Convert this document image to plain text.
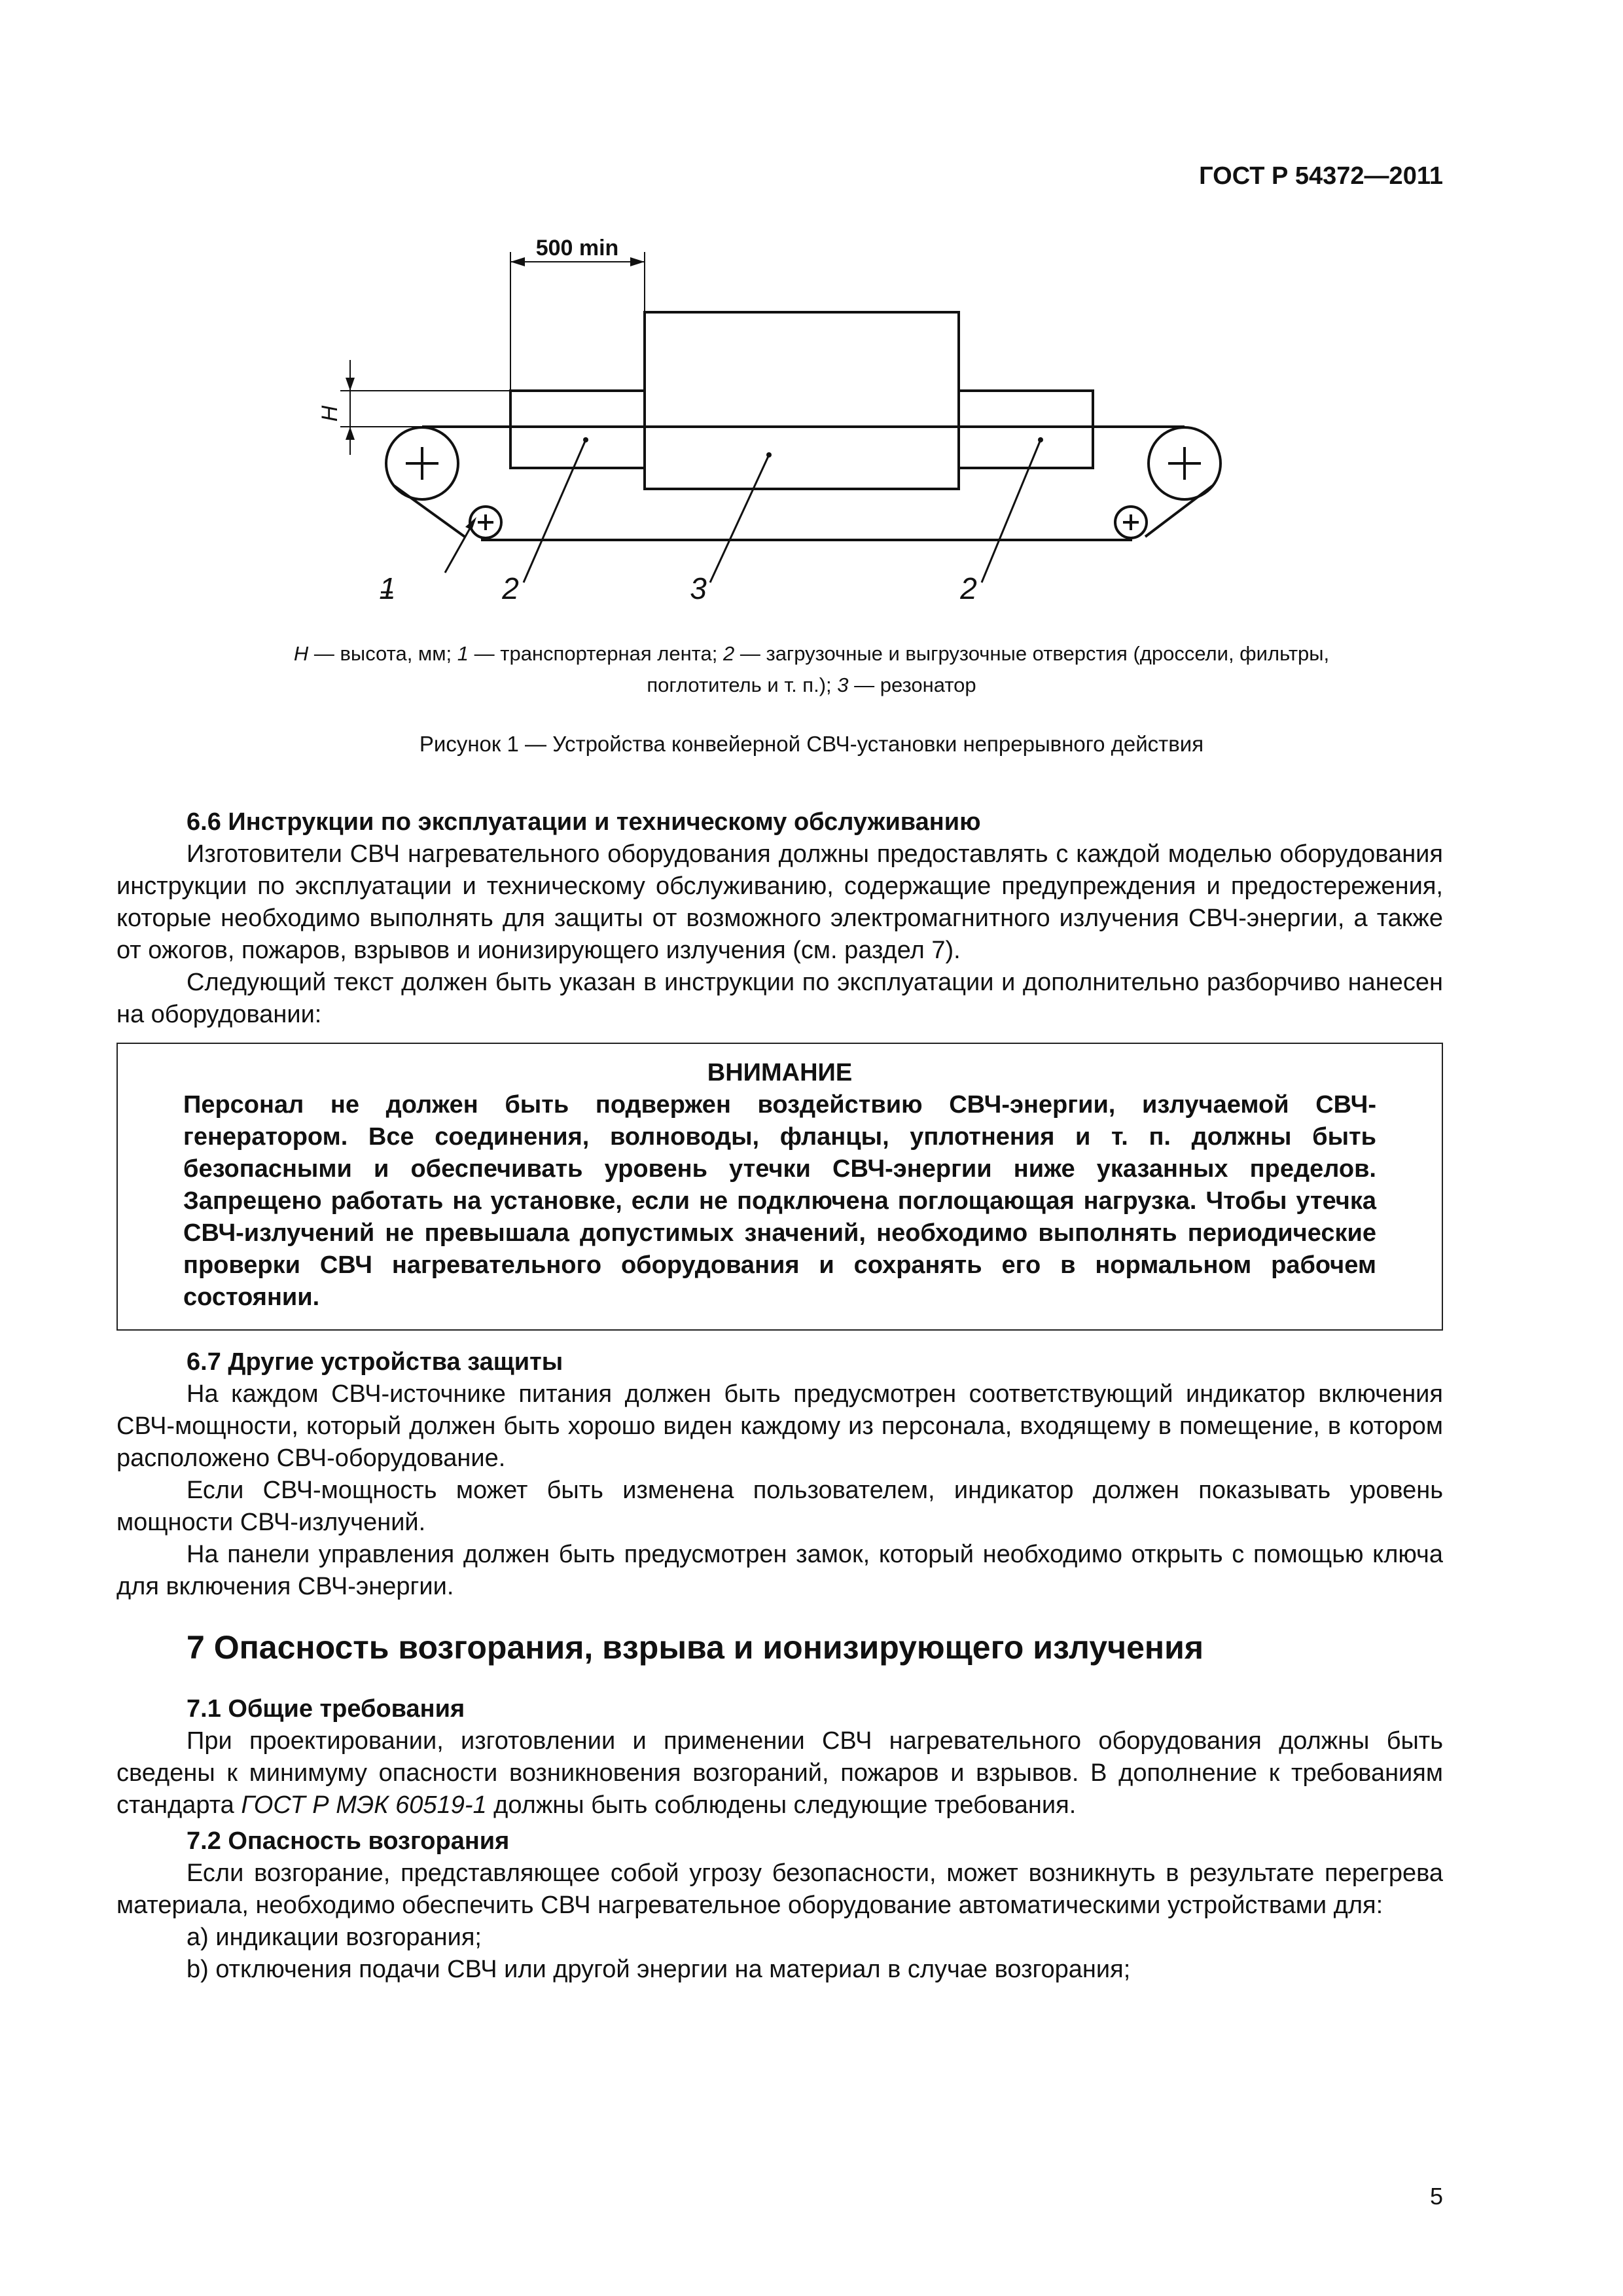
ГОСТ Р 54372—2011
500 min
H
1	2	3	2
H — высота, мм; 1 — транспортерная лента; 2 — загрузочные и выгрузочные отверстия (дроссели, фильтры,
поглотитель и т. п.); 3 — резонатор
Рисунок 1 — Устройства конвейерной СВЧ-установки непрерывного действия
6.6 Инструкции по эксплуатации и техническому обслуживанию

Изготовители СВЧ нагревательного оборудования должны предоставлять с каждой моделью оборудования инструкции по эксплуатации и техническому обслуживанию, содержащие предупреждения и предостережения, которые необходимо выполнять для защиты от возможного электромагнитного излучения СВЧ-энергии, а также от ожогов, пожаров, взрывов и ионизирующего излучения (см. раздел 7).

Следующий текст должен быть указан в инструкции по эксплуатации и дополнительно разборчиво нанесен на оборудовании:

ВНИМАНИЕ

Персонал не должен быть подвержен воздействию СВЧ-энергии, излучаемой СВЧ-генератором. Все соединения, волноводы, фланцы, уплотнения и т. п. должны быть безопасными и обеспечивать уровень утечки СВЧ-энергии ниже указанных пределов. Запрещено работать на установке, если не подключена поглощающая нагрузка. Чтобы утечка СВЧ-излучений не превышала допустимых значений, необходимо выполнять периодические проверки СВЧ нагревательного оборудования и сохранять его в нормальном рабочем состоянии.

6.7 Другие устройства защиты

На каждом СВЧ-источнике питания должен быть предусмотрен соответствующий индикатор включения СВЧ-мощности, который должен быть хорошо виден каждому из персонала, входящему в помещение, в котором расположено СВЧ-оборудование.

Если СВЧ-мощность может быть изменена пользователем, индикатор должен показывать уровень мощности СВЧ-излучений.

На панели управления должен быть предусмотрен замок, который необходимо открыть с помощью ключа для включения СВЧ-энергии.

7 Опасность возгорания, взрыва и ионизирующего излучения
7.1 Общие требования

При проектировании, изготовлении и применении СВЧ нагревательного оборудования должны быть сведены к минимуму опасности возникновения возгораний, пожаров и взрывов. В дополнение к требованиям стандарта ГОСТ Р МЭК 60519-1 должны быть соблюдены следующие требования.

7.2 Опасность возгорания

Если возгорание, представляющее собой угрозу безопасности, может возникнуть в результате перегрева материала, необходимо обеспечить СВЧ нагревательное оборудование автоматическими устройствами для:

a) индикации возгорания;

b) отключения подачи СВЧ или другой энергии на материал в случае возгорания;

5
